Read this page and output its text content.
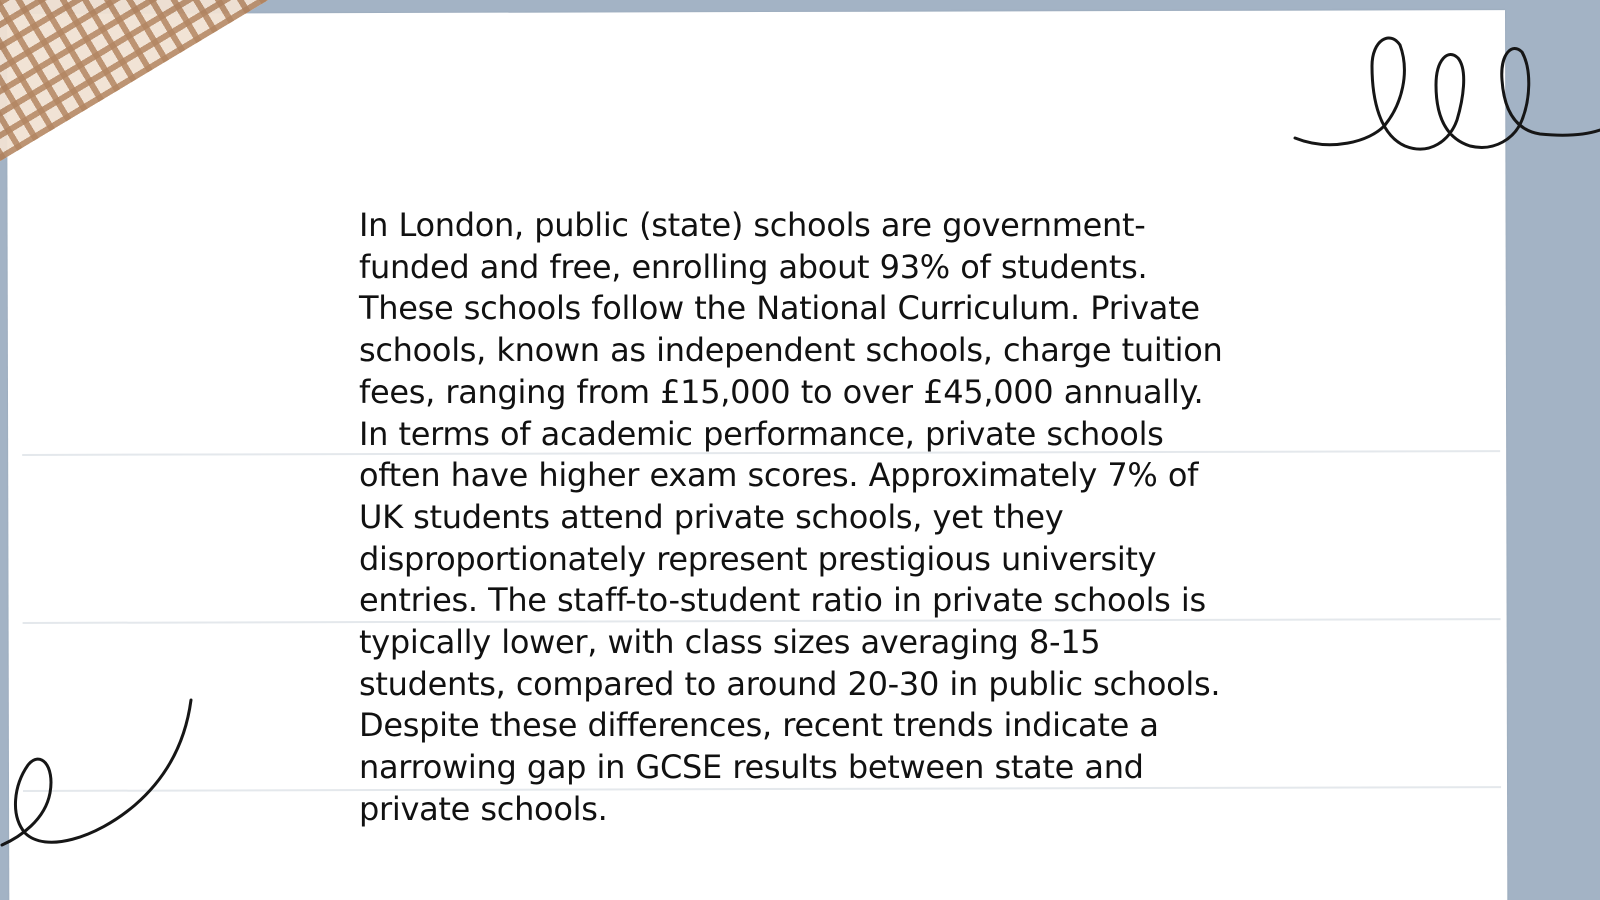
In London, public (state) schools are government-funded and free, enrolling about 93% of students. These schools follow the National Curriculum. Private schools, known as independent schools, charge tuition fees, ranging from £15,000 to over £45,000 annually. In terms of academic performance, private schools often have higher exam scores. Approximately 7% of UK students attend private schools, yet they disproportionately represent prestigious university entries. The staff-to-student ratio in private schools is typically lower, with class sizes averaging 8-15 students, compared to around 20-30 in public schools. Despite these differences, recent trends indicate a narrowing gap in GCSE results between state and private schools.
